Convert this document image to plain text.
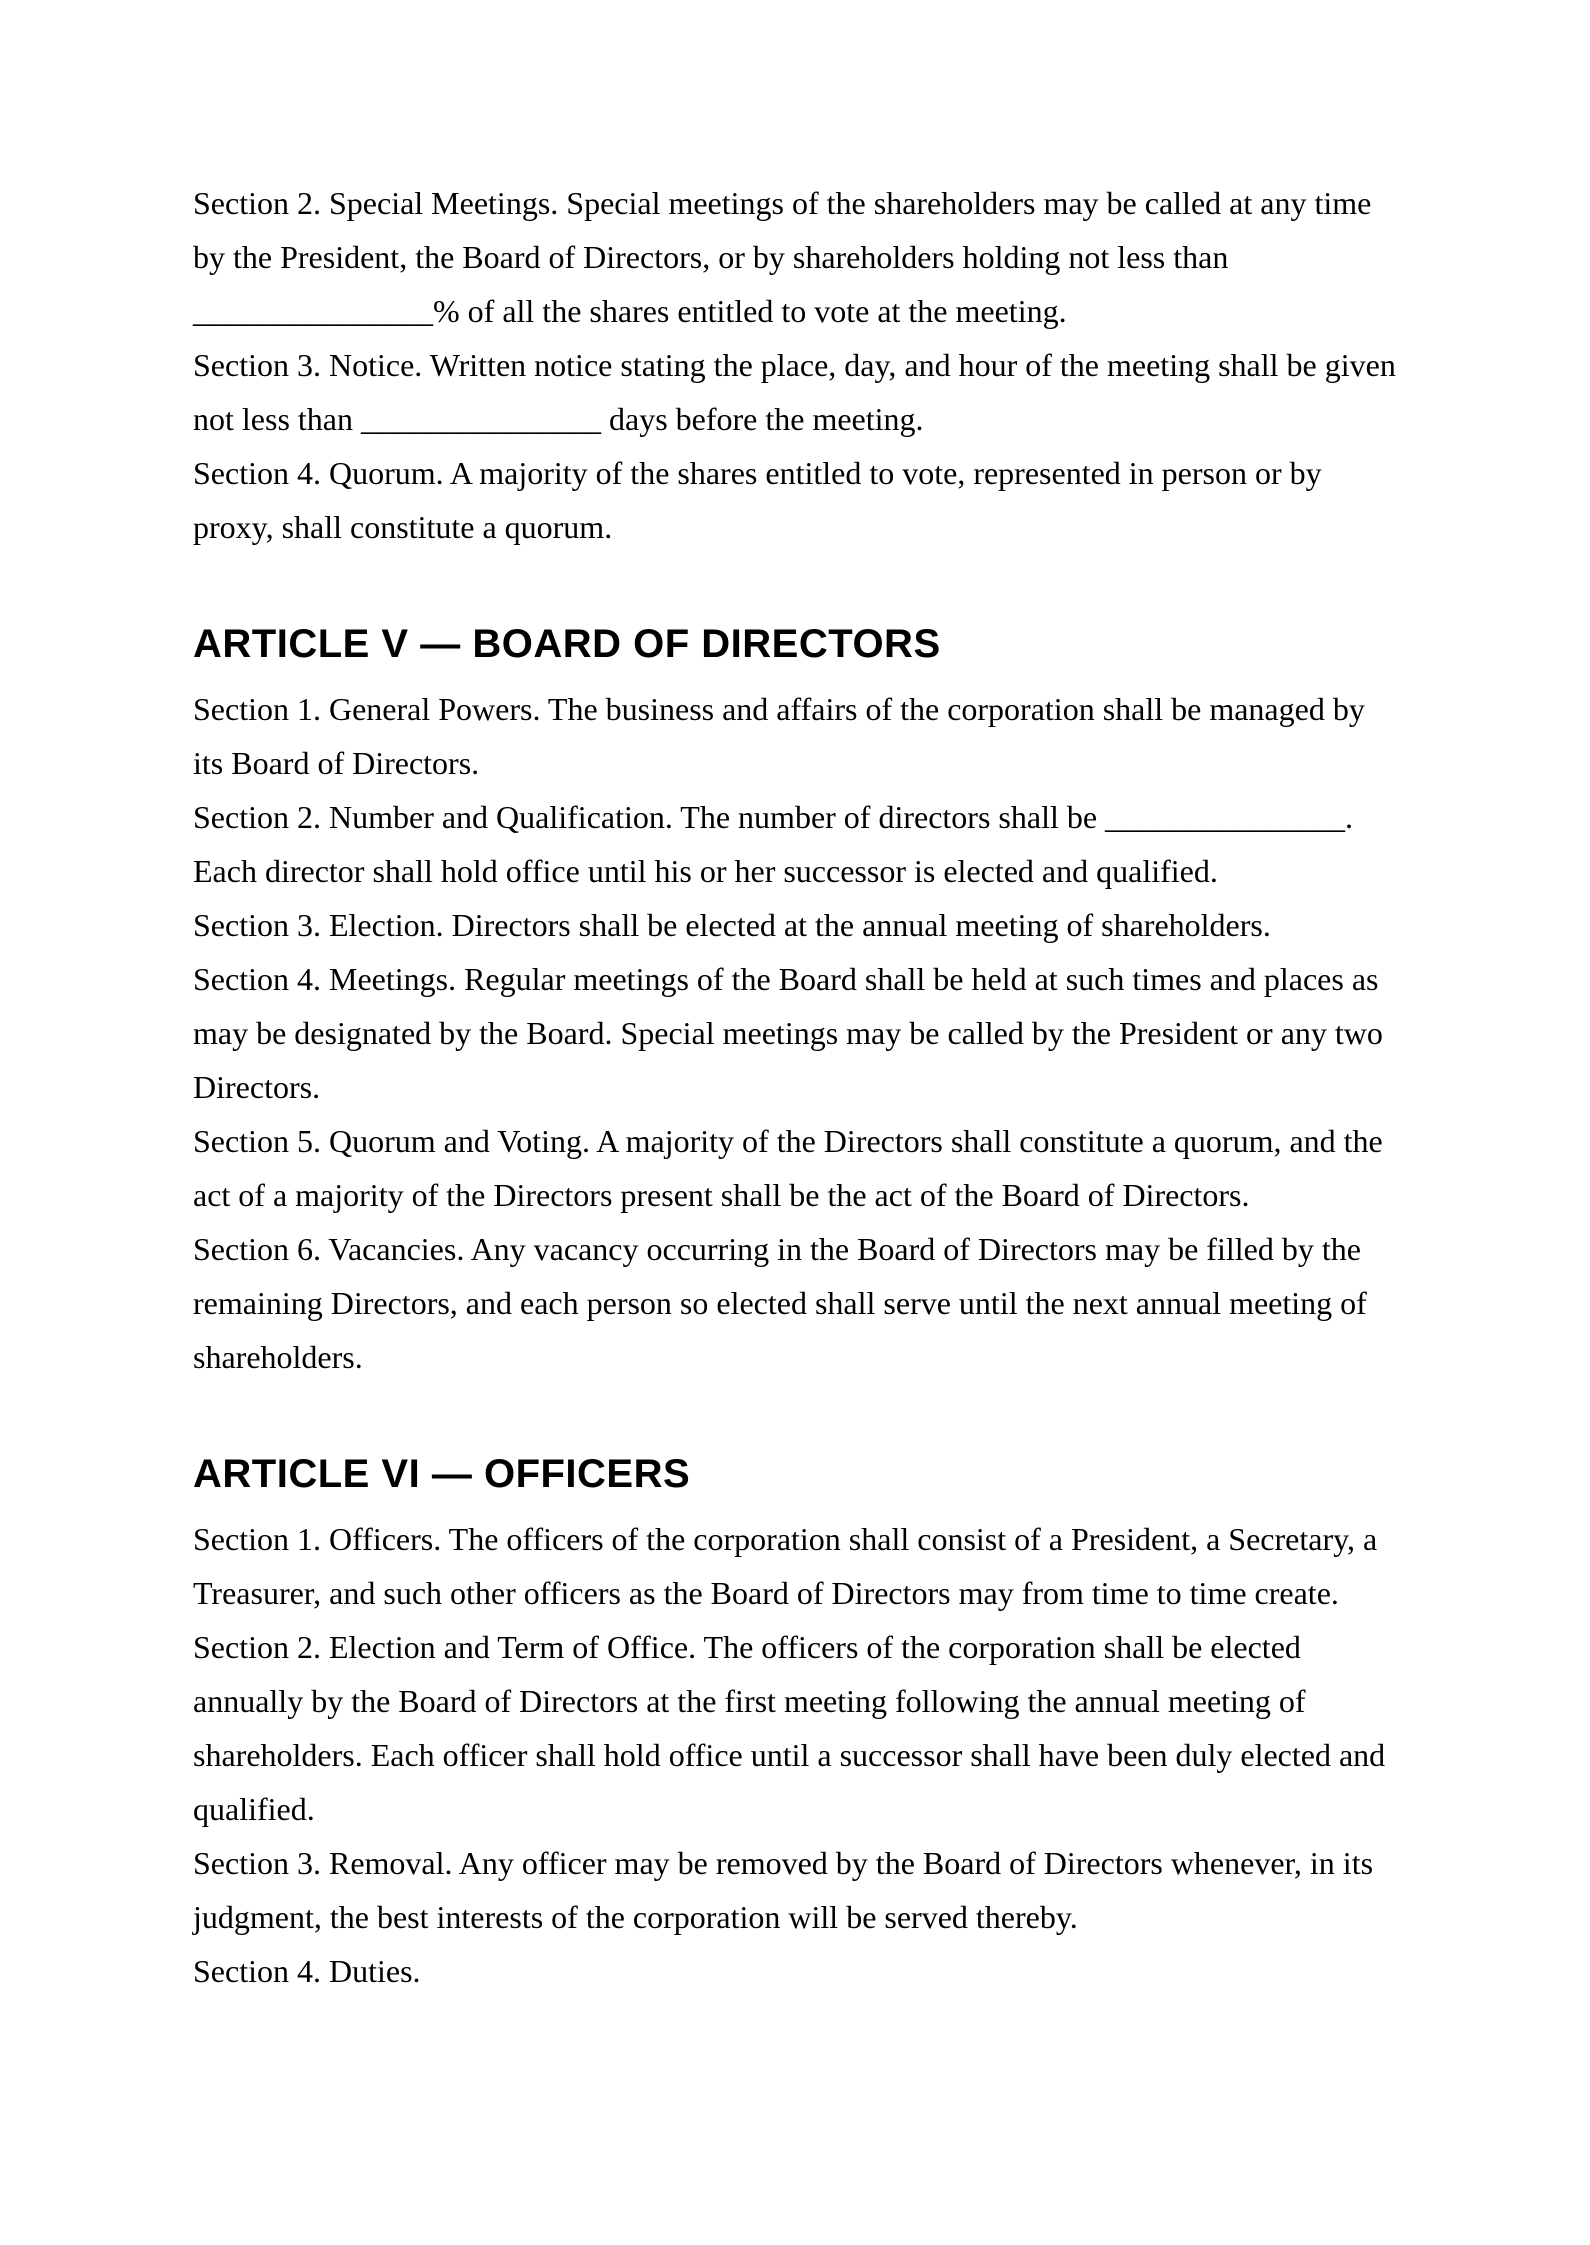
Section 2. Special Meetings. Special meetings of the shareholders may be called at any time

by the President, the Board of Directors, or by shareholders holding not less than

_______________% of all the shares entitled to vote at the meeting.

Section 3. Notice. Written notice stating the place, day, and hour of the meeting shall be given

not less than _______________ days before the meeting.

Section 4. Quorum. A majority of the shares entitled to vote, represented in person or by

proxy, shall constitute a quorum.

ARTICLE V — BOARD OF DIRECTORS

Section 1. General Powers. The business and affairs of the corporation shall be managed by

its Board of Directors.

Section 2. Number and Qualification. The number of directors shall be _______________.

Each director shall hold office until his or her successor is elected and qualified.

Section 3. Election. Directors shall be elected at the annual meeting of shareholders.

Section 4. Meetings. Regular meetings of the Board shall be held at such times and places as

may be designated by the Board. Special meetings may be called by the President or any two

Directors.

Section 5. Quorum and Voting. A majority of the Directors shall constitute a quorum, and the

act of a majority of the Directors present shall be the act of the Board of Directors.

Section 6. Vacancies. Any vacancy occurring in the Board of Directors may be filled by the

remaining Directors, and each person so elected shall serve until the next annual meeting of

shareholders.

ARTICLE VI — OFFICERS

Section 1. Officers. The officers of the corporation shall consist of a President, a Secretary, a

Treasurer, and such other officers as the Board of Directors may from time to time create.

Section 2. Election and Term of Office. The officers of the corporation shall be elected

annually by the Board of Directors at the first meeting following the annual meeting of

shareholders. Each officer shall hold office until a successor shall have been duly elected and

qualified.

Section 3. Removal. Any officer may be removed by the Board of Directors whenever, in its

judgment, the best interests of the corporation will be served thereby.

Section 4. Duties.
